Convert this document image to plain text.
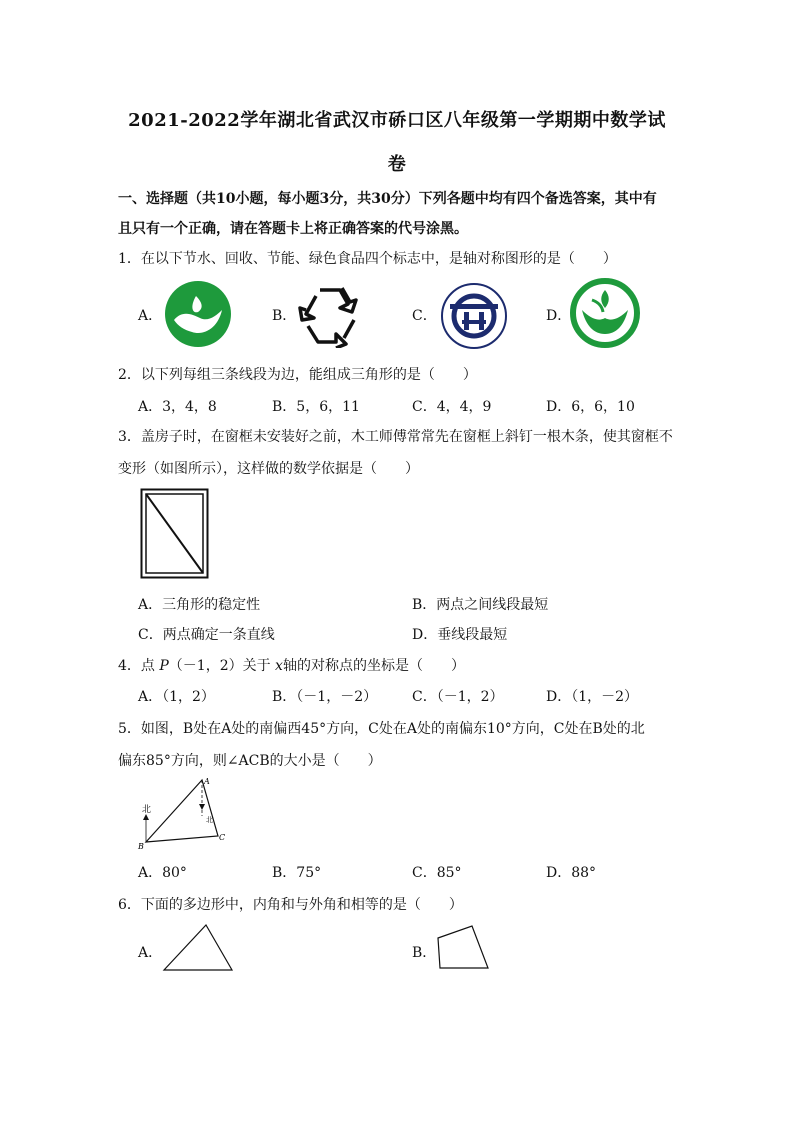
2021-2022学年湖北省武汉市硚口区八年级第一学期期中数学试
卷
一、选择题（共10小题，每小题3分，共30分）下列各题中均有四个备选答案，其中有
且只有一个正确，请在答题卡上将正确答案的代号涂黑。
1．在以下节水、回收、节能、绿色食品四个标志中，是轴对称图形的是（　　）
A．	B．	C．	D．
2．以下列每组三条线段为边，能组成三角形的是（　　）
A．3，4，8	B．5，6，11	C．4，4，9	D．6，6，10
3．盖房子时，在窗框未安装好之前，木工师傅常常先在窗框上斜钉一根木条，使其窗框不
变形（如图所示），这样做的数学依据是（　　）
A．三角形的稳定性	B．两点之间线段最短
C．两点确定一条直线	D．垂线段最短
4．点 P（－1，2）关于 x轴的对称点的坐标是（　　）
A．（1，2）	B．（－1，－2） C．（－1，2）	D．（1，－2）
5．如图，B处在A处的南偏西45°方向，C处在A处的南偏东10°方向，C处在B处的北
偏东85°方向，则∠ACB的大小是（　　）
北
A
B
C
北
A．80°	B．75°	C．85°	D．88°
6．下面的多边形中，内角和与外角和相等的是（　　）
A．	B．
